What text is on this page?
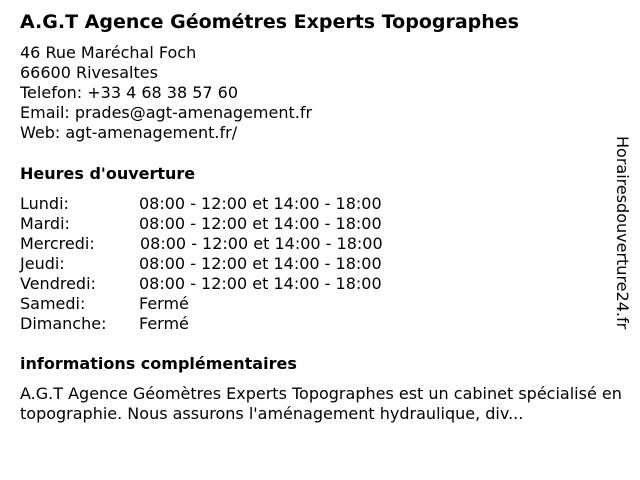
A.G.T Agence Géométres Experts Topographes
46 Rue Maréchal Foch
66600 Rivesaltes
Telefon: +33 4 68 38 57 60
Email: prades@agt-amenagement.fr
Web: agt-amenagement.fr/
Heures d'ouverture
Lundi:	08:00 - 12:00 et 14:00 - 18:00
Mardi:	08:00 - 12:00 et 14:00 - 18:00
Mercredi:	08:00 - 12:00 et 14:00 - 18:00
Jeudi:	08:00 - 12:00 et 14:00 - 18:00
Vendredi:	08:00 - 12:00 et 14:00 - 18:00
Samedi:	Fermé
Dimanche: Fermé
informations complémentaires
A.G.T Agence Géomètres Experts Topographes est un cabinet spécialisé en topographie. Nous assurons l'aménagement hydraulique, div...
Horairesdouverture24.fr
